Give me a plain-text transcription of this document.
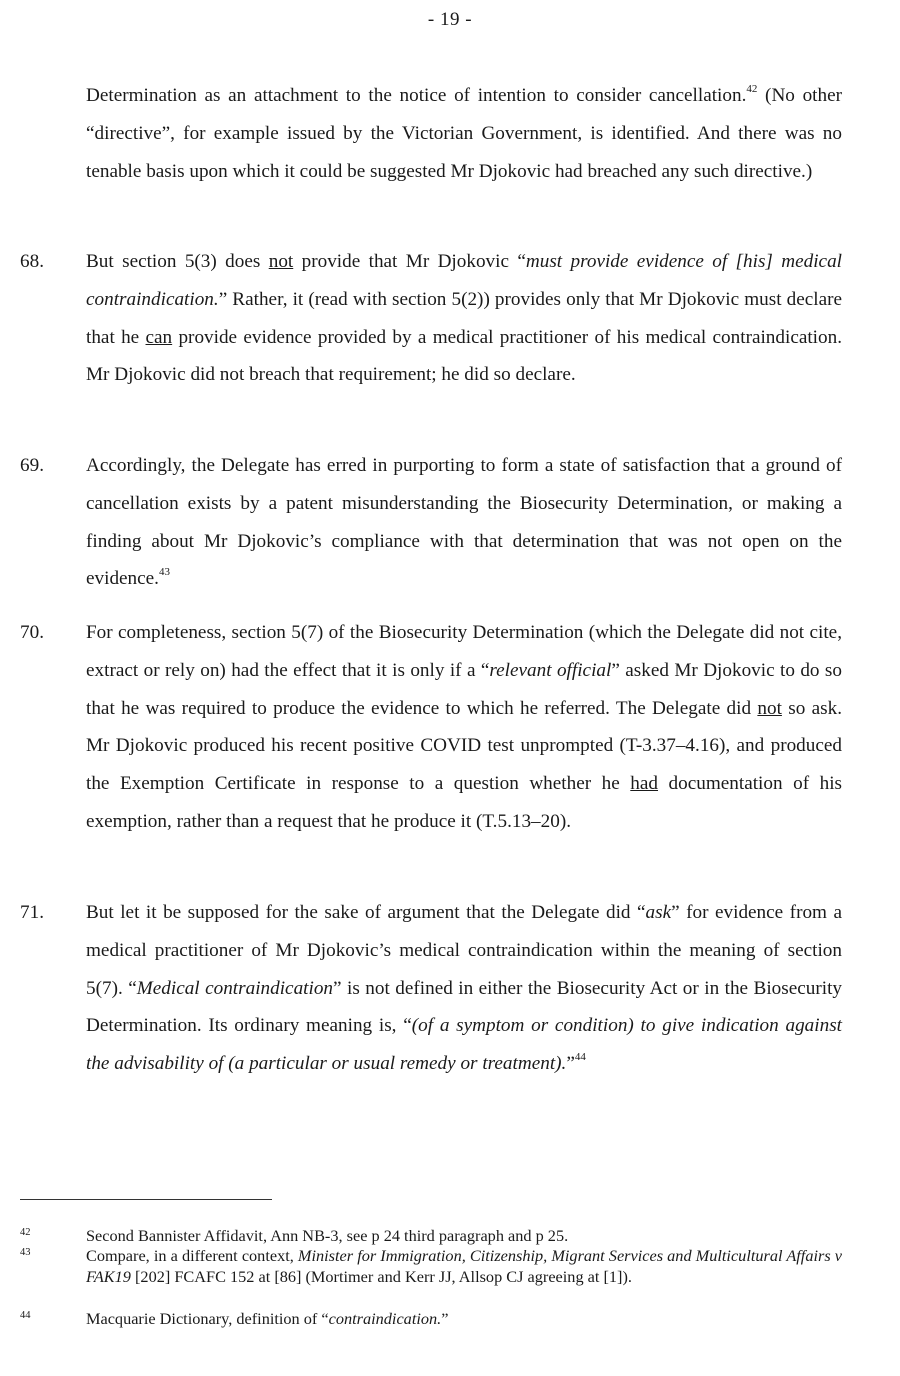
- 19 -
Determination as an attachment to the notice of intention to consider cancellation.$^{42}$ (No other “directive”, for example issued by the Victorian Government, is identified. And there was no tenable basis upon which it could be suggested Mr Djokovic had breached any such directive.)
68. But section 5(3) does not provide that Mr Djokovic “must provide evidence of [his] medical contraindication.” Rather, it (read with section 5(2)) provides only that Mr Djokovic must declare that he can provide evidence provided by a medical practitioner of his medical contraindication. Mr Djokovic did not breach that requirement; he did so declare.
69. Accordingly, the Delegate has erred in purporting to form a state of satisfaction that a ground of cancellation exists by a patent misunderstanding the Biosecurity Determination, or making a finding about Mr Djokovic’s compliance with that determination that was not open on the evidence.$^{43}$
70. For completeness, section 5(7) of the Biosecurity Determination (which the Delegate did not cite, extract or rely on) had the effect that it is only if a “relevant official” asked Mr Djokovic to do so that he was required to produce the evidence to which he referred. The Delegate did not so ask. Mr Djokovic produced his recent positive COVID test unprompted (T-3.37–4.16), and produced the Exemption Certificate in response to a question whether he had documentation of his exemption, rather than a request that he produce it (T.5.13–20).
71. But let it be supposed for the sake of argument that the Delegate did “ask” for evidence from a medical practitioner of Mr Djokovic’s medical contraindication within the meaning of section 5(7). “Medical contraindication” is not defined in either the Biosecurity Act or in the Biosecurity Determination. Its ordinary meaning is, “(of a symptom or condition) to give indication against the advisability of (a particular or usual remedy or treatment).”$^{44}$
42	Second Bannister Affidavit, Ann NB-3, see p 24 third paragraph and p 25.
43	Compare, in a different context, Minister for Immigration, Citizenship, Migrant Services and Multicultural Affairs v FAK19 [202] FCAFC 152 at [86] (Mortimer and Kerr JJ, Allsop CJ agreeing at [1]).
44	Macquarie Dictionary, definition of “contraindication.”
